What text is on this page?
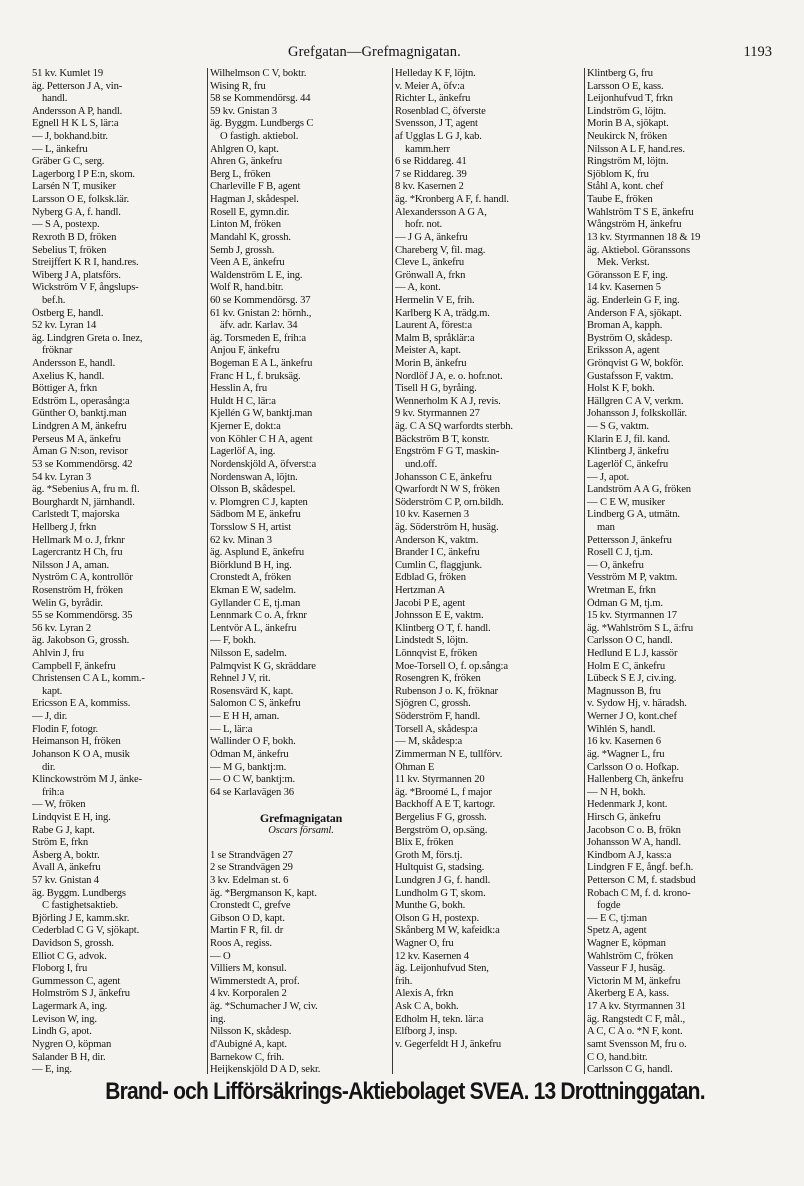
Grefgatan—Grefmagnigatan.	1193
51 kv. Kumlet 19
äg. Petterson J A, vin-
handl.
Andersson A P, handl.
Egnell H K L S, lär:a
— J, bokhand.bitr.
— L, änkefru
Gräber G C, serg.
Lagerborg I P E:n, skom.
Larsén N T, musiker
Larsson O E, folksk.lär.
Nyberg G A, f. handl.
— S A, postexp.
Rexroth B D, fröken
Sebelius T, fröken
Streijffert K R I, hand.res.
Wiberg J A, platsförs.
Wickström V F, ångslups-
bef.h.
Östberg E, handl.
52 kv. Lyran 14
äg. Lindgren Greta o. Inez,
fröknar
Andersson E, handl.
Axelius K, handl.
Böttiger A, frkn
Edström L, operasång:a
Günther O, banktj.man
Lindgren A M, änkefru
Perseus M A, änkefru
Åman G N:son, revisor
53 se Kommendörsg. 42
54 kv. Lyran 3
äg. *Sebenius A, fru m. fl.
Bourghardt N, järnhandl.
Carlstedt T, majorska
Hellberg J, frkn
Hellmark M o. J, frknr
Lagercrantz H Ch, fru
Nilsson J A, aman.
Nyström C A, kontrollör
Rosenström H, fröken
Welin G, byrådir.
55 se Kommendörsg. 35
56 kv. Lyran 2
äg. Jakobson G, grossh.
Ahlvin J, fru
Campbell F, änkefru
Christensen C A L, komm.-
kapt.
Ericsson E A, kommiss.
— J, dir.
Flodin F, fotogr.
Heimanson H, fröken
Johanson K O A, musik
dir.
Klinckowström M J, änke-
frih:a
— W, fröken
Lindqvist E H, ing.
Rabe G J, kapt.
Ström E, frkn
Åsberg A, boktr.
Åvall A, änkefru
57 kv. Gnistan 4
äg. Byggm. Lundbergs
C fastighetsaktieb.
Björling J E, kamm.skr.
Cederblad C G V, sjökapt.
Davidson S, grossh.
Elliot C G, advok.
Floborg I, fru
Gummesson C, agent
Holmström S J, änkefru
Lagermark A, ing.
Levison W, ing.
Lindh G, apot.
Nygren O, köpman
Salander B H, dir.
— E, ing.
Wilhelmson C V, boktr.
Wising R, fru
58 se Kommendörsg. 44
59 kv. Gnistan 3
äg. Byggm. Lundbergs C
O fastigh. aktiebol.
Ahlgren O, kapt.
Ahren G, änkefru
Berg L, fröken
Charleville F B, agent
Hagman J, skådespel.
Rosell E, gymn.dir.
Linton M, fröken
Mandahl K, grossh.
Semb J, grossh.
Veen A E, änkefru
Waldenström L E, ing.
Wolf R, hand.bitr.
60 se Kommendörsg. 37
61 kv. Gnistan 2: hörnh.,
äfv. adr. Karlav. 34
äg. Torsmeden E, frih:a
Anjou F, änkefru
Bogeman E A L, änkefru
Franc H L, f. bruksäg.
Hesslin A, fru
Huldt H C, lär:a
Kjellén G W, banktj.man
Kjerner E, dokt:a
von Köhler C H A, agent
Lagerlöf A, ing.
Nordenskjöld A, öfverst:a
Nordenswan A, löjtn.
Olsson B, skådespel.
v. Plomgren C J, kapten
Sädbom M E, änkefru
Torsslow S H, artist
62 kv. Minan 3
äg. Asplund E, änkefru
Biörklund B H, ing.
Cronstedt A, fröken
Ekman E W, sadelm.
Gyllander C E, tj.man
Lennmark C o. A, frknr
Lentvör A L, änkefru
— F, bokh.
Nilsson E, sadelm.
Palmqvist K G, skräddare
Rehnel J V, rit.
Rosensvärd K, kapt.
Salomon C S, änkefru
— E H H, aman.
— L, lär:a
Wallinder O F, bokh.
Ödman M, änkefru
— M G, banktj:m.
— O C W, banktj:m.
64 se Karlavägen 36
Grefmagnigatan
Oscars församl.
1 se Strandvägen 27
2 se Strandvägen 29
3 kv. Edelman st. 6
äg. *Bergmanson K, kapt.
Cronstedt C, grefve
Gibson O D, kapt.
Martin F R, fil. dr
Roos A, regiss.
— O
Villiers M, konsul.
Wimmerstedt A, prof.
4 kv. Korporalen 2
äg. *Schumacher J W, civ.
ing.
Nilsson K, skådesp.
d'Aubigné A, kapt.
Barnekow C, frih.
Heijkenskjöld D A D, sekr.
Helleday K F, löjtn.
v. Meier A, öfv:a
Richter L, änkefru
Rosenblad C, öfverste
Svensson, J T, agent
af Ugglas L G J, kab.
kamm.herr
6 se Riddareg. 41
7 se Riddareg. 39
8 kv. Kasernen 2
äg. *Kronberg A F, f. handl.
Alexandersson A G A,
hofr. not.
— J G A, änkefru
Chareberg V, fil. mag.
Cleve L, änkefru
Grönwall A, frkn
— A, kont.
Hermelin V E, frih.
Karlberg K A, trädg.m.
Laurent A, förest:a
Malm B, språklär:a
Meister A, kapt.
Morin B, änkefru
Nordlöf J A, e. o. hofr.not.
Tisell H G, byråing.
Wennerholm K A J, revis.
9 kv. Styrmannen 27
äg. C A SQ warfordts sterbh.
Bäckström B T, konstr.
Engström F G T, maskin-
und.off.
Johansson C E, änkefru
Qwarfordt N W S, fröken
Söderström C P, orn.bildh.
10 kv. Kasernen 3
äg. Söderström H, husäg.
Anderson K, vaktm.
Brander I C, änkefru
Cumlin C, flaggjunk.
Edblad G, fröken
Hertzman A
Jacobi P E, agent
Johnsson E E, vaktm.
Klintberg O T, f. handl.
Lindstedt S, löjtn.
Lönnqvist E, fröken
Moe-Torsell O, f. op.sång:a
Rosengren K, fröken
Rubenson J o. K, fröknar
Sjögren C, grossh.
Söderström F, handl.
Torsell A, skådesp:a
— M, skådesp:a
Zimmerman N E, tullförv.
Öhman E
11 kv. Styrmannen 20
äg. *Broomé L, f major
Backhoff A E T, kartogr.
Bergelius F G, grossh.
Bergström O, op.säng.
Blix E, fröken
Groth M, förs.tj.
Hultquist G, stadsing.
Lundgren J G, f. handl.
Lundholm G T, skom.
Munthe G, bokh.
Olson G H, postexp.
Skånberg M W, kafeidk:a
Wagner O, fru
12 kv. Kasernen 4
äg. Leijonhufvud Sten,
frih.
Alexis A, frkn
Ask C A, bokh.
Edholm H, tekn. lär:a
Elfborg J, insp.
v. Gegerfeldt H J, änkefru
Klintberg G, fru
Larsson O E, kass.
Leijonhufvud T, frkn
Lindström G, löjtn.
Morin B A, sjökapt.
Neukirck N, fröken
Nilsson A L F, hand.res.
Ringström M, löjtn.
Sjöblom K, fru
Ståhl A, kont. chef
Taube E, fröken
Wahlström T S E, änkefru
Wångström H, änkefru
13 kv. Styrmannen 18 & 19
äg. Aktiebol. Göranssons
Mek. Verkst.
Göransson E F, ing.
14 kv. Kasernen 5
äg. Enderlein G F, ing.
Anderson F A, sjökapt.
Broman A, kapph.
Byström O, skådesp.
Eriksson A, agent
Grönqvist G W, bokför.
Gustafsson F, vaktm.
Holst K F, bokh.
Hällgren C A V, verkm.
Johansson J, folkskollär.
— S G, vaktm.
Klarin E J, fil. kand.
Klintberg J, änkefru
Lagerlöf C, änkefru
— J, apot.
Landström A A G, fröken
— C E W, musiker
Lindberg G A, utmätn.
man
Pettersson J, änkefru
Rosell C J, tj.m.
— O, änkefru
Vesström M P, vaktm.
Wretman E, frkn
Ödman G M, tj.m.
15 kv. Styrmannen 17
äg. *Wahlström S L, ä:fru
Carlsson O C, handl.
Hedlund E L J, kassör
Holm E C, änkefru
Lübeck S E J, civ.ing.
Magnusson B, fru
v. Sydow Hj, v. häradsh.
Werner J O, kont.chef
Wihlén S, handl.
16 kv. Kasernen 6
äg. *Wagner L, fru
Carlsson O o. Hofkap.
Hallenberg Ch, änkefru
— N H, bokh.
Hedenmark J, kont.
Hirsch G, änkefru
Jacobson C o. B, frökn
Johansson W A, handl.
Kindbom A J, kass:a
Lindgren F E, ångf. bef.h.
Petterson C M, f. stadsbud
Robach C M, f. d. krono-
fogde
— E C, tj:man
Spetz A, agent
Wagner E, köpman
Wahlström C, fröken
Vasseur F J, husäg.
Victorin M M, änkefru
Åkerberg E A, kass.
17 A kv. Styrmannen 31
äg. Rangstedt C F, mål.,
A C, C A o. *N F, kont.
samt Svensson M, fru o.
C O, hand.bitr.
Carlsson C G, handl.
Brand- och Lifförsäkrings-Aktiebolaget SVEA. 13 Drottninggatan.
